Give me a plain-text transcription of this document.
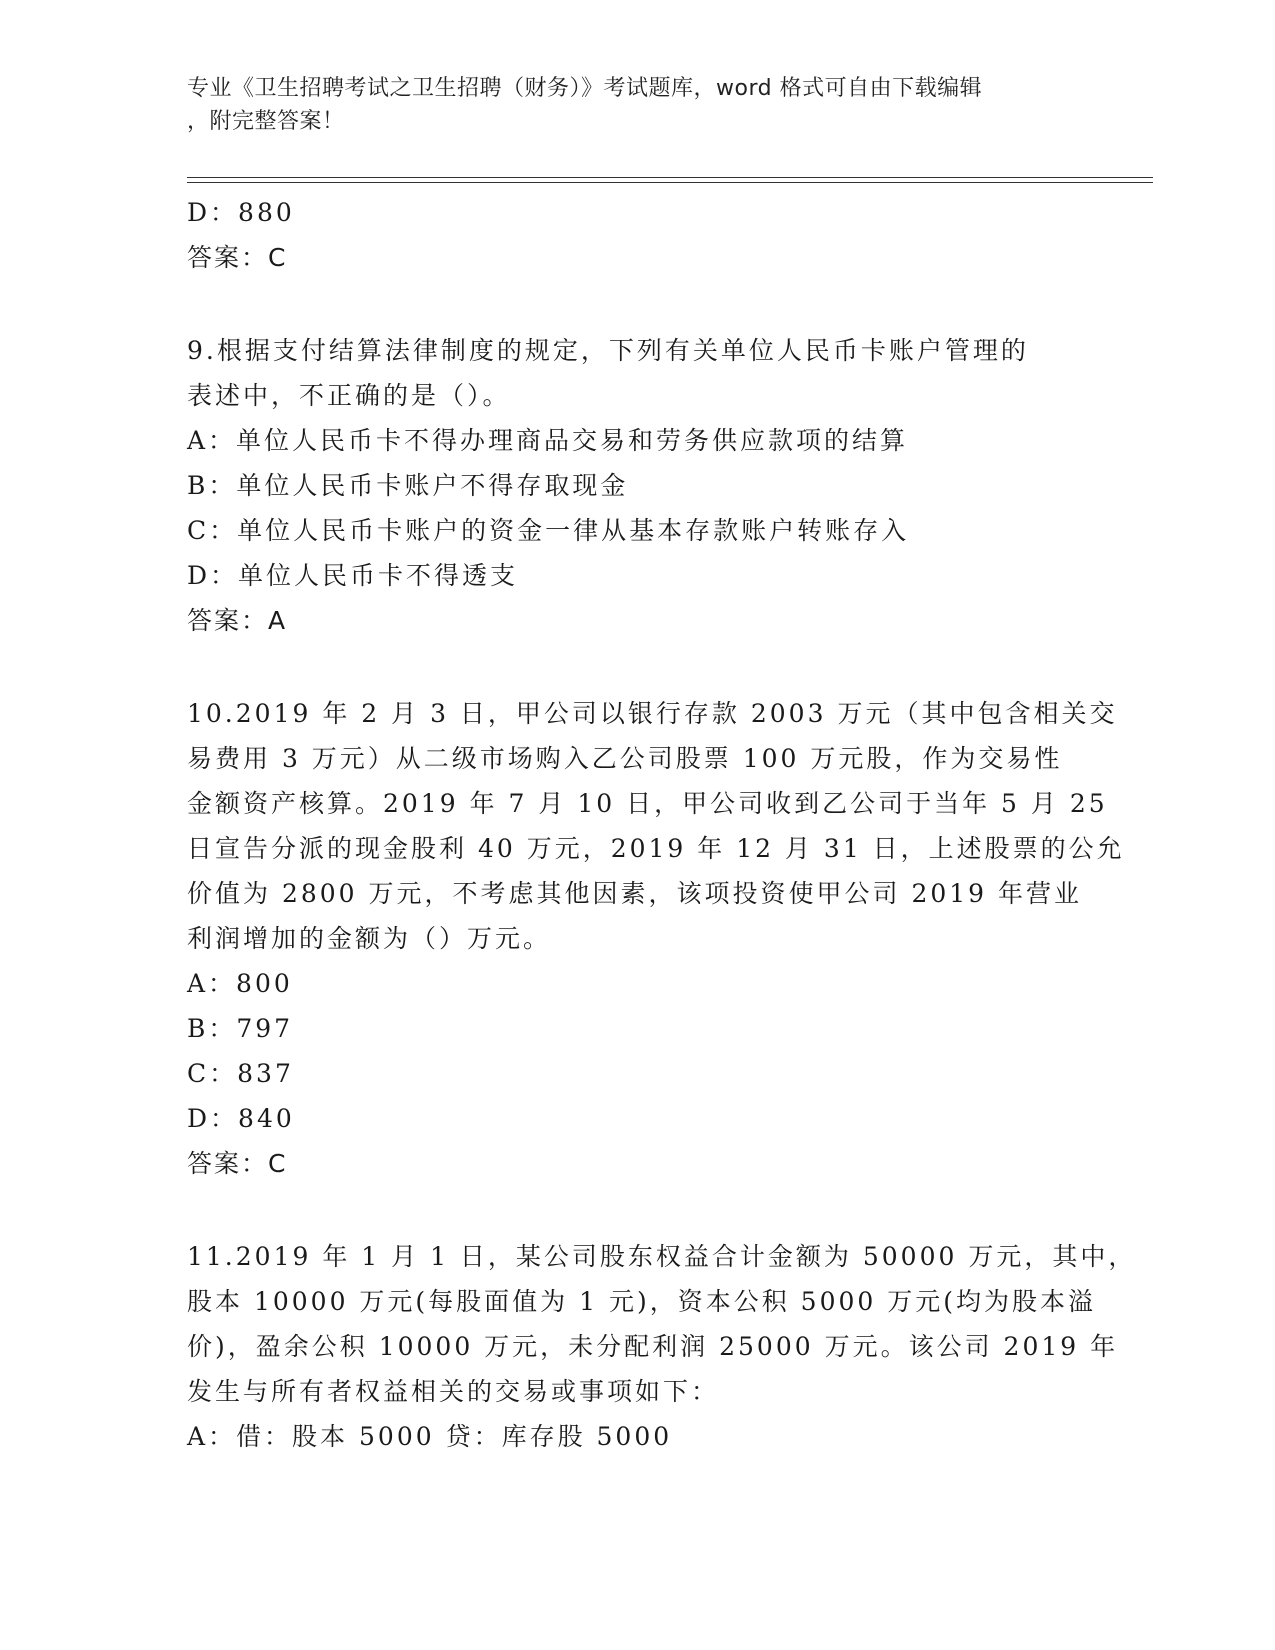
专业《卫生招聘考试之卫生招聘（财务）》考试题库，word 格式可自由下载编辑
，附完整答案！
D：880
答案：C
9.根据支付结算法律制度的规定，下列有关单位人民币卡账户管理的
表述中，不正确的是（）。
A：单位人民币卡不得办理商品交易和劳务供应款项的结算
B：单位人民币卡账户不得存取现金
C：单位人民币卡账户的资金一律从基本存款账户转账存入
D：单位人民币卡不得透支
答案：A
10.2019 年 2 月 3 日，甲公司以银行存款 2003 万元（其中包含相关交
易费用 3 万元）从二级市场购入乙公司股票 100 万元股，作为交易性
金额资产核算。2019 年 7 月 10 日，甲公司收到乙公司于当年 5 月 25
日宣告分派的现金股利 40 万元，2019 年 12 月 31 日，上述股票的公允
价值为 2800 万元，不考虑其他因素，该项投资使甲公司 2019 年营业
利润增加的金额为（）万元。
A：800
B：797
C：837
D：840
答案：C
11.2019 年 1 月 1 日，某公司股东权益合计金额为 50000 万元，其中，
股本 10000 万元(每股面值为 1 元)，资本公积 5000 万元(均为股本溢
价)，盈余公积 10000 万元，未分配利润 25000 万元。该公司 2019 年
发生与所有者权益相关的交易或事项如下：
A：借：股本 5000 贷：库存股 5000
